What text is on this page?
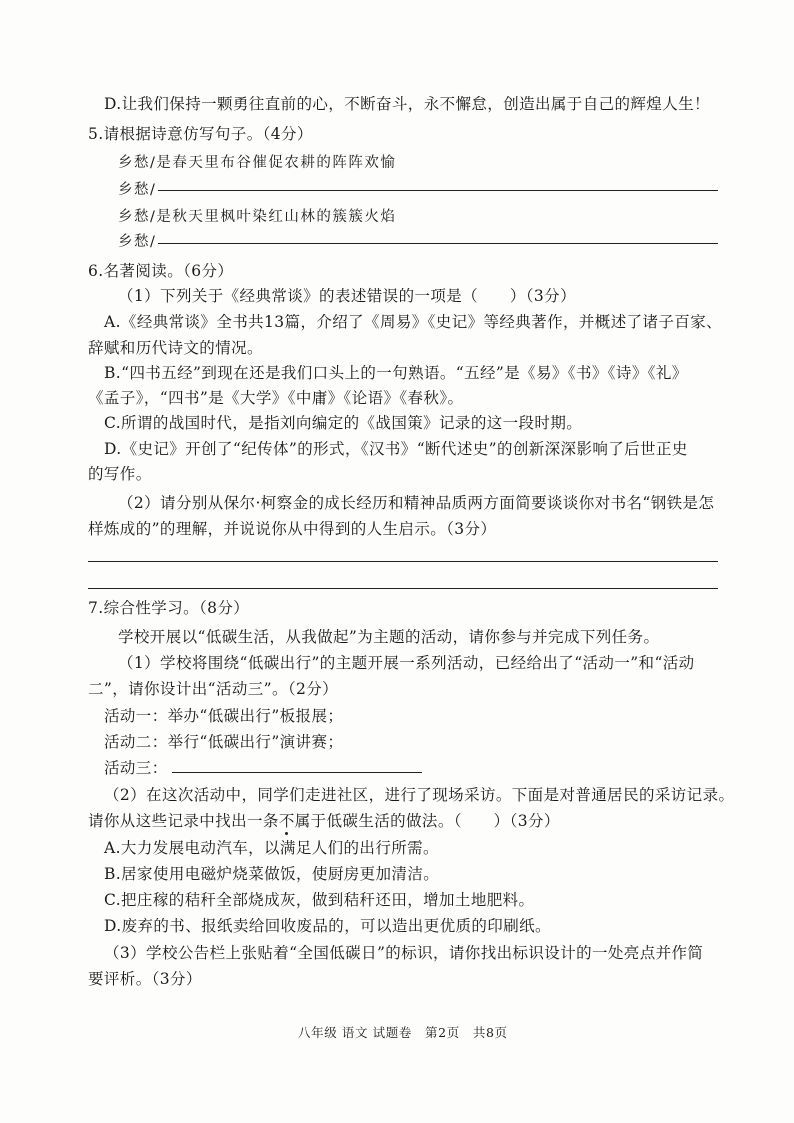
D.让我们保持一颗勇往直前的心，不断奋斗，永不懈怠，创造出属于自己的辉煌人生！
5.请根据诗意仿写句子。（4分）
乡愁/是春天里布谷催促农耕的阵阵欢愉
乡愁/
乡愁/是秋天里枫叶染红山林的簇簇火焰
乡愁/
6.名著阅读。（6分）
（1）下列关于《经典常谈》的表述错误的一项是（　　）（3分）
A.《经典常谈》全书共13篇，介绍了《周易》《史记》等经典著作，并概述了诸子百家、
辞赋和历代诗文的情况。
B.“四书五经”到现在还是我们口头上的一句熟语。“五经”是《易》《书》《诗》《礼》
《孟子》，“四书”是《大学》《中庸》《论语》《春秋》。
C.所谓的战国时代，是指刘向编定的《战国策》记录的这一段时期。
D.《史记》开创了“纪传体”的形式，《汉书》“断代述史”的创新深深影响了后世正史
的写作。
（2）请分别从保尔·柯察金的成长经历和精神品质两方面简要谈谈你对书名“钢铁是怎
样炼成的”的理解，并说说你从中得到的人生启示。（3分）
7.综合性学习。（8分）
学校开展以“低碳生活，从我做起”为主题的活动，请你参与并完成下列任务。
（1）学校将围绕“低碳出行”的主题开展一系列活动，已经给出了“活动一”和“活动
二”，请你设计出“活动三”。（2分）
活动一：举办“低碳出行”板报展；
活动二：举行“低碳出行”演讲赛；
活动三：
（2）在这次活动中，同学们走进社区，进行了现场采访。下面是对普通居民的采访记录。
请你从这些记录中找出一条不属于低碳生活的做法。（　　）（3分）
A.大力发展电动汽车，以满足人们的出行所需。
B.居家使用电磁炉烧菜做饭，使厨房更加清洁。
C.把庄稼的秸秆全部烧成灰，做到秸秆还田，增加土地肥料。
D.废弃的书、报纸卖给回收废品的，可以造出更优质的印刷纸。
（3）学校公告栏上张贴着“全国低碳日”的标识，请你找出标识设计的一处亮点并作简
要评析。（3分）
八年级 语文 试题卷　第2页　共8页
